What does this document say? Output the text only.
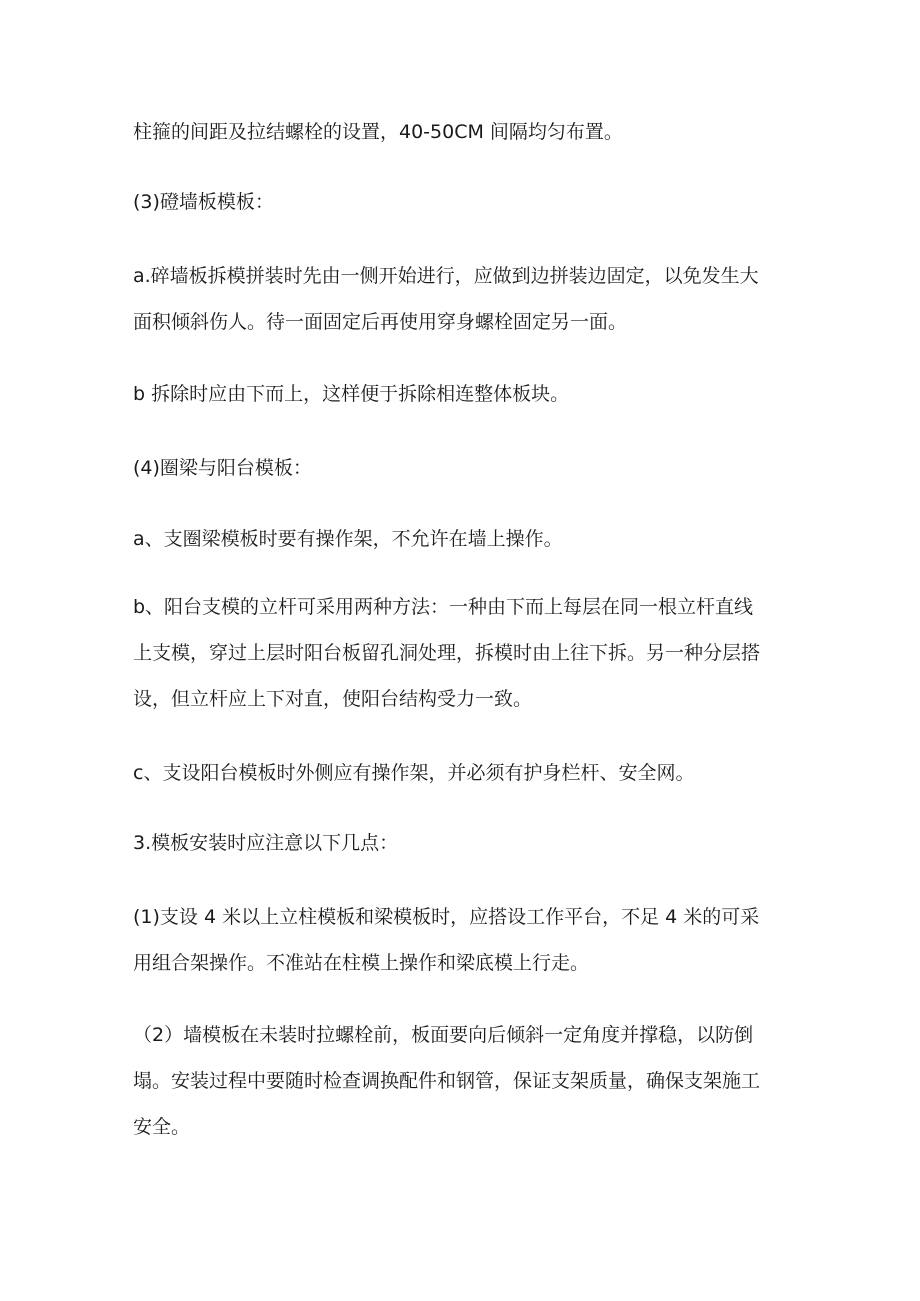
柱箍的间距及拉结螺栓的设置，40-50CM 间隔均匀布置。

(3)磴墙板模板：

a.碎墙板拆模拼装时先由一侧开始进行，应做到边拼装边固定，以免发生大
面积倾斜伤人。待一面固定后再使用穿身螺栓固定另一面。

b 拆除时应由下而上，这样便于拆除相连整体板块。

(4)圈梁与阳台模板：

a、支圈梁模板时要有操作架，不允许在墙上操作。

b、阳台支模的立杆可采用两种方法：一种由下而上每层在同一根立杆直线
上支模，穿过上层时阳台板留孔洞处理，拆模时由上往下拆。另一种分层搭
设，但立杆应上下对直，使阳台结构受力一致。

c、支设阳台模板时外侧应有操作架，并必须有护身栏杆、安全网。

3.模板安装时应注意以下几点：

(1)支设 4 米以上立柱模板和梁模板时，应搭设工作平台，不足 4 米的可采
用组合架操作。不准站在柱模上操作和梁底模上行走。

（2）墙模板在未装时拉螺栓前，板面要向后倾斜一定角度并撑稳，以防倒
塌。安装过程中要随时检查调换配件和钢管，保证支架质量，确保支架施工
安全。
